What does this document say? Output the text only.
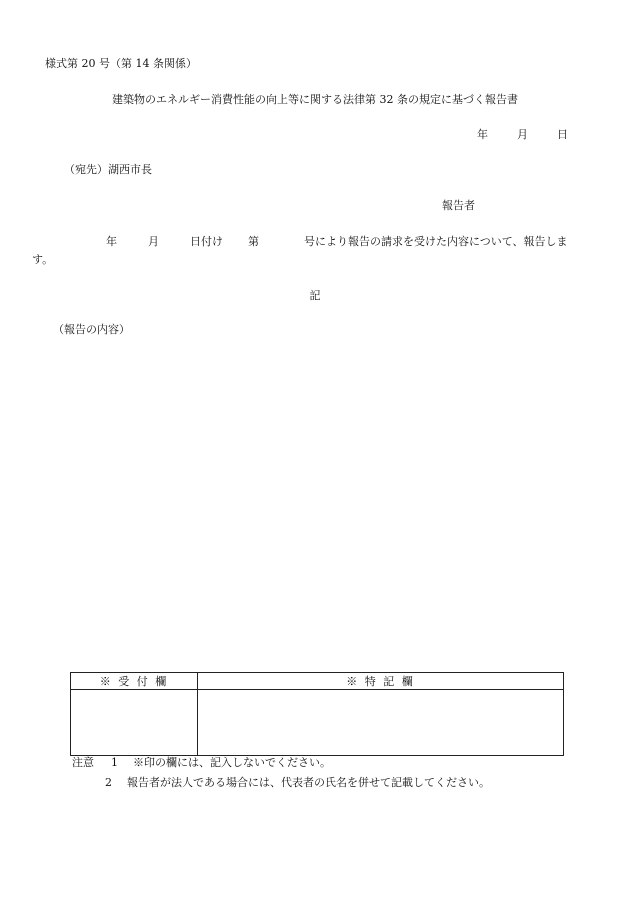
様式第 20 号（第 14 条関係）
建築物のエネルギー消費性能の向上等に関する法律第 32 条の規定に基づく報告書
年	月	日
（宛先）湖西市長
報告者
年	月	日付け 第	号により報告の請求を受けた内容について、報告しま
す。
記
（報告の内容）
※ 受 付 欄	※ 特 記 欄

注意 1 ※印の欄には、記入しないでください。
2 報告者が法人である場合には、代表者の氏名を併せて記載してください。
